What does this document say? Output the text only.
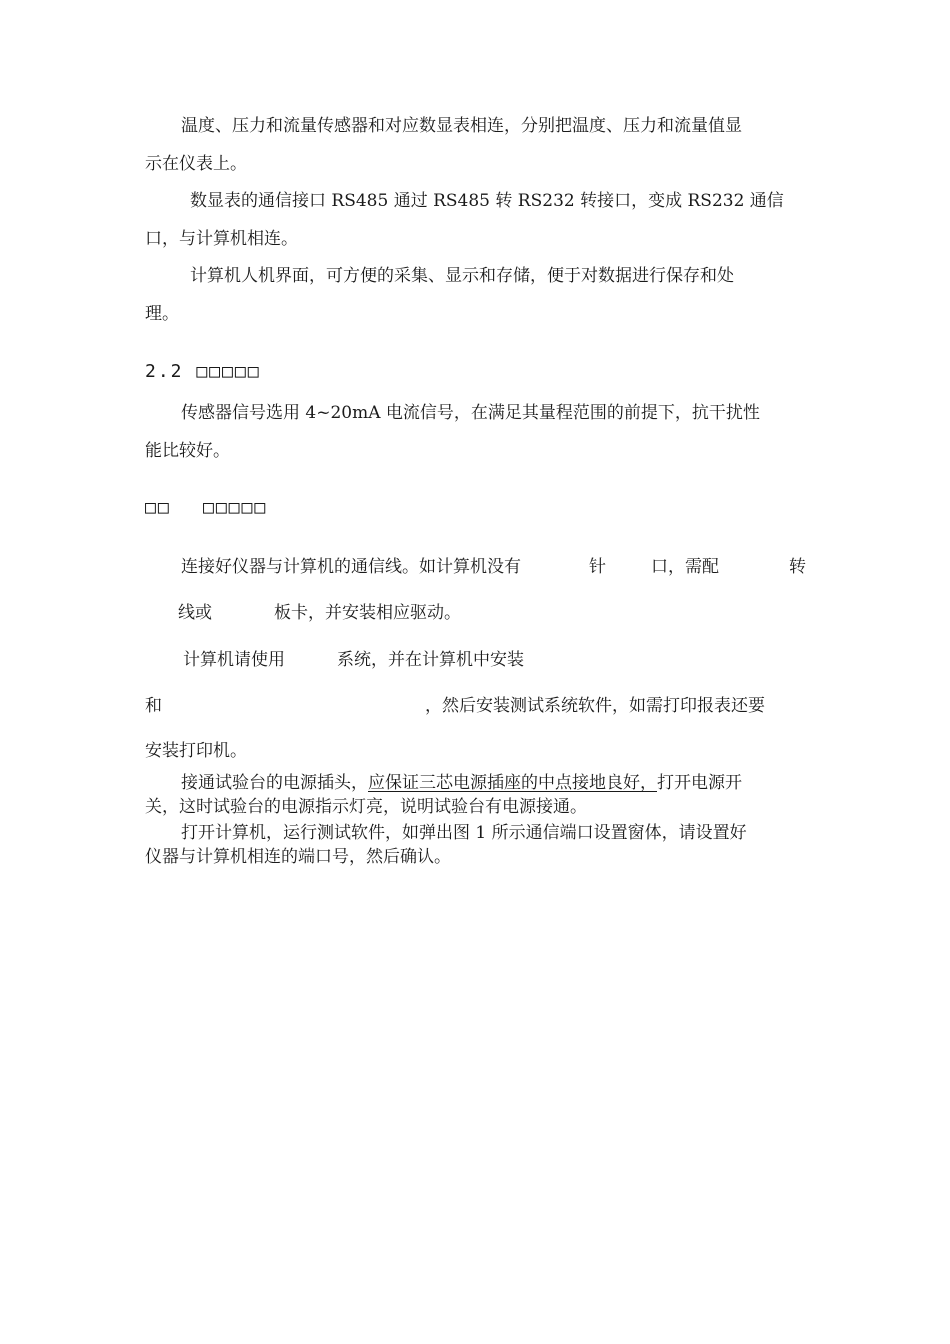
温度、压力和流量传感器和对应数显表相连，分别把温度、压力和流量值显
示在仪表上。
数显表的通信接口 RS485 通过 RS485 转 RS232 转接口，变成 RS232 通信
口，与计算机相连。
计算机人机界面，可方便的采集、显示和存储，便于对数据进行保存和处
理。
2.2 □□□□□
传感器信号选用 4~20mA 电流信号，在满足其量程范围的前提下，抗干扰性
能比较好。
□□ □□□□□
连接好仪器与计算机的通信线。如计算机没有	针	口，需配	转
线或	板卡，并安装相应驱动。
计算机请使用	系统，并在计算机中安装
和	，然后安装测试系统软件，如需打印报表还要
安装打印机。
接通试验台的电源插头，应保证三芯电源插座的中点接地良好，打开电源开
关，这时试验台的电源指示灯亮，说明试验台有电源接通。
打开计算机，运行测试软件，如弹出图 1 所示通信端口设置窗体，请设置好
仪器与计算机相连的端口号，然后确认。
